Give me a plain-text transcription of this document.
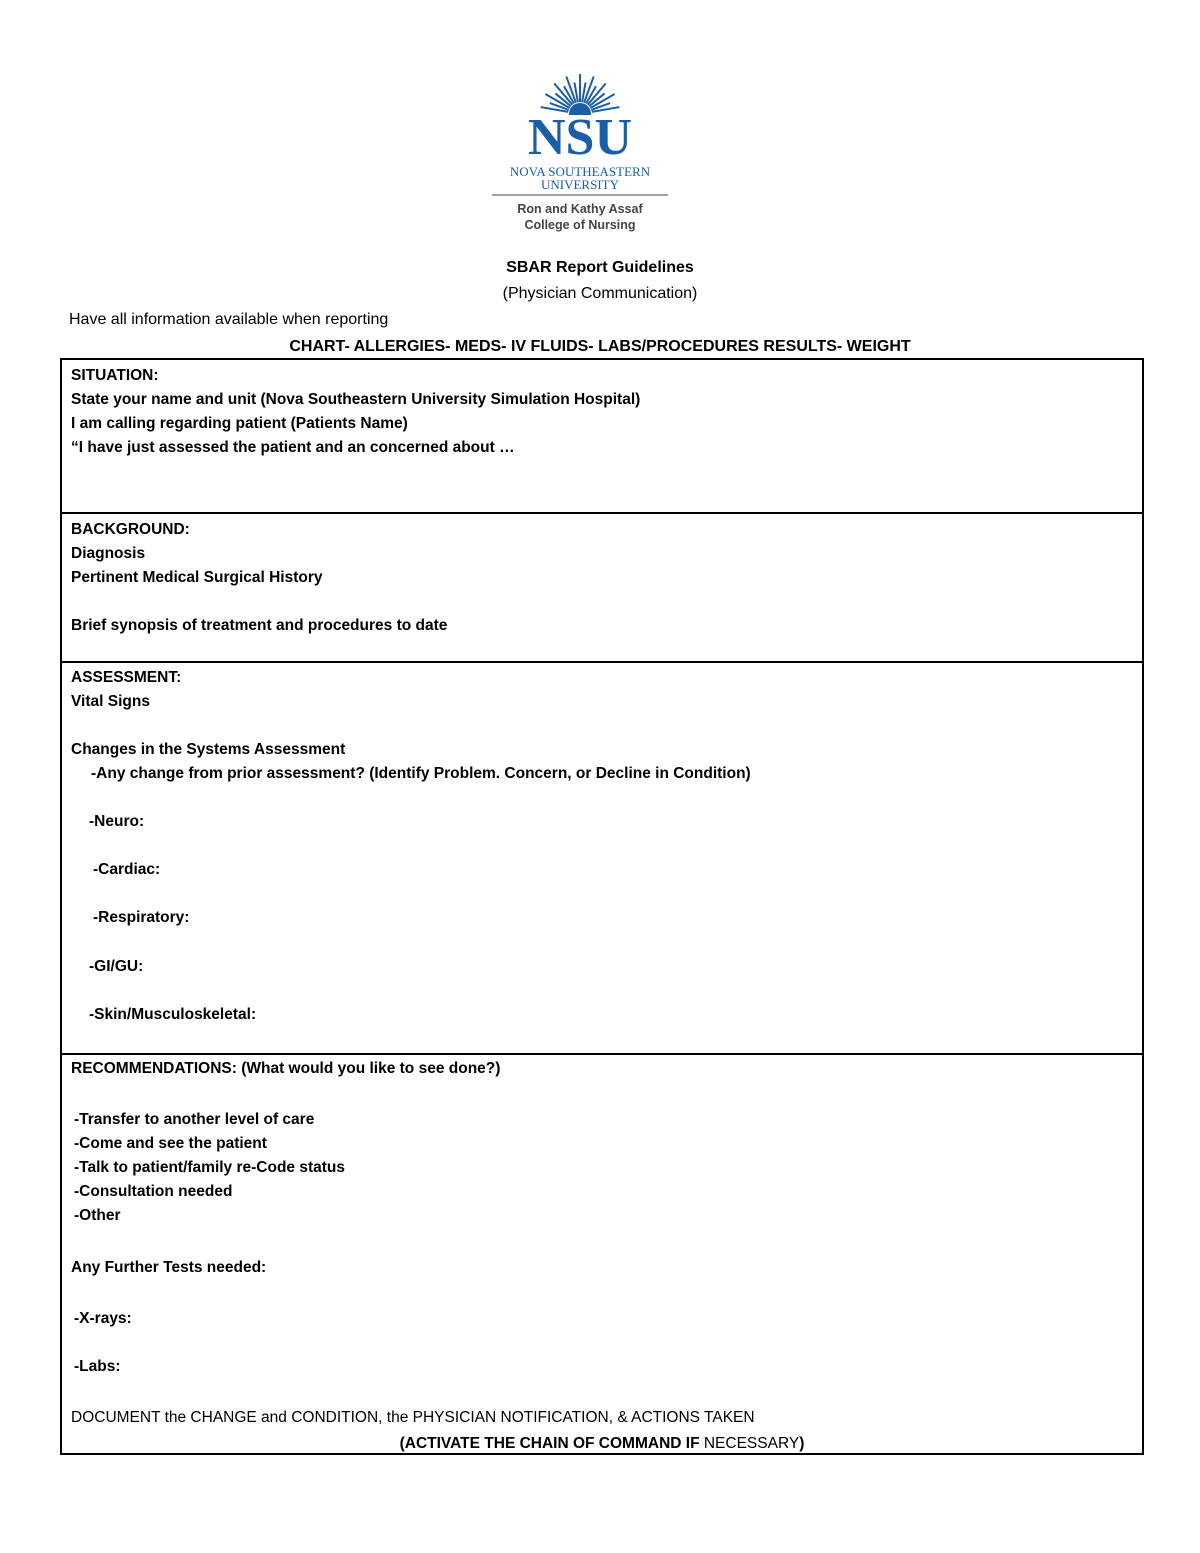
NSU
NOVA SOUTHEASTERN
UNIVERSITY
Ron and Kathy Assaf
College of Nursing
SBAR Report Guidelines
(Physician Communication)
Have all information available when reporting
CHART- ALLERGIES- MEDS- IV FLUIDS- LABS/PROCEDURES RESULTS- WEIGHT
SITUATION:
State your name and unit (Nova Southeastern University Simulation Hospital)
I am calling regarding patient (Patients Name)
“I have just assessed the patient and an concerned about …
BACKGROUND:
Diagnosis
Pertinent Medical Surgical History
Brief synopsis of treatment and procedures to date
ASSESSMENT:
Vital Signs
Changes in the Systems Assessment
-Any change from prior assessment? (Identify Problem. Concern, or Decline in Condition)
-Neuro:
-Cardiac:
-Respiratory:
-GI/GU:
-Skin/Musculoskeletal:
RECOMMENDATIONS: (What would you like to see done?)
-Transfer to another level of care
-Come and see the patient
-Talk to patient/family re-Code status
-Consultation needed
-Other
Any Further Tests needed:
-X-rays:
-Labs:
DOCUMENT the CHANGE and CONDITION, the PHYSICIAN NOTIFICATION, & ACTIONS TAKEN
(ACTIVATE THE CHAIN OF COMMAND IF NECESSARY)
